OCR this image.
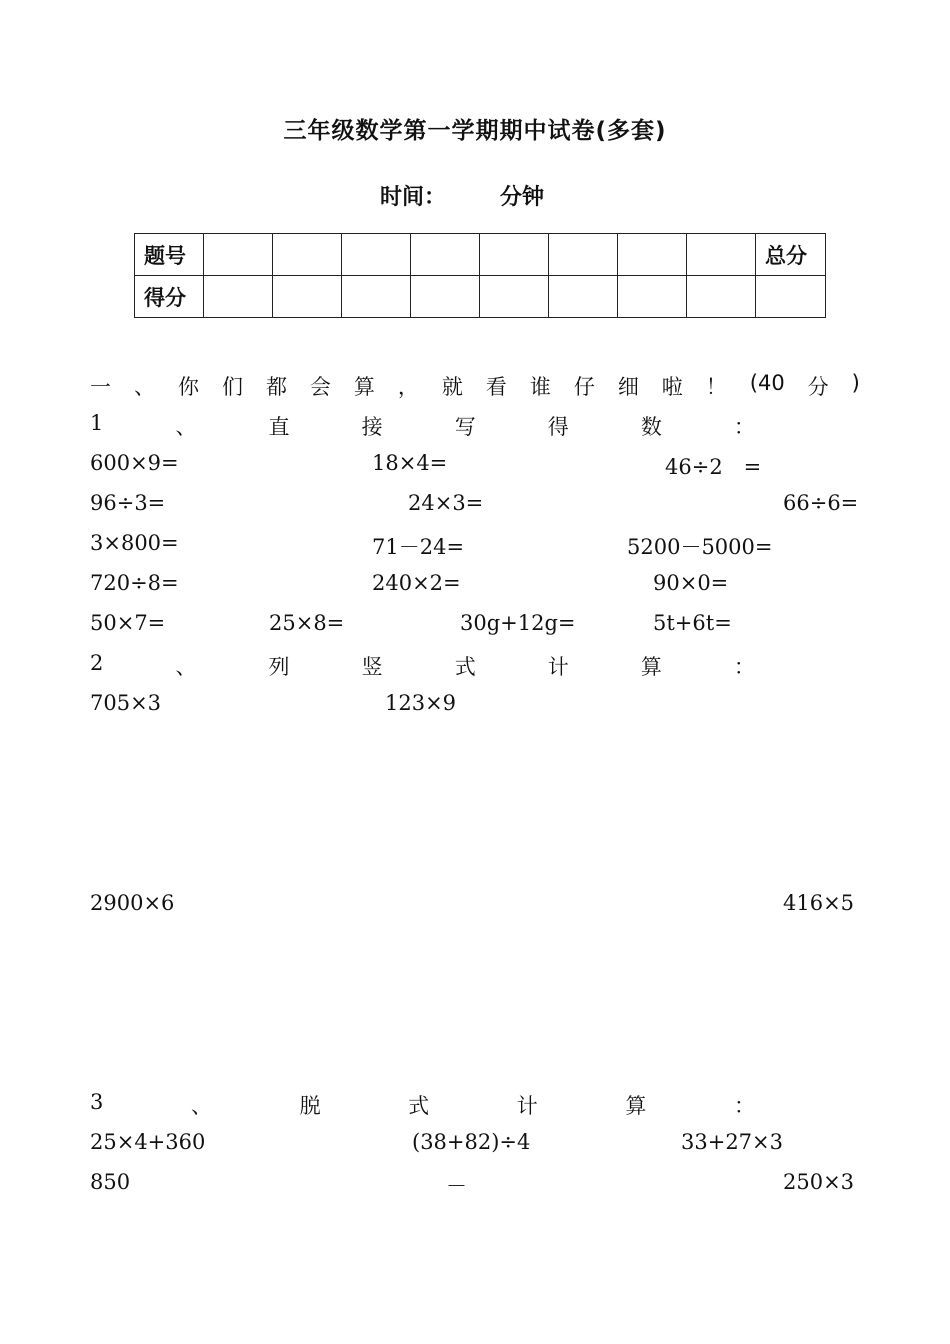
三年级数学第一学期期中试卷(多套)
时间： 分钟
题号									总分
得分									
一 、 你 们 都 会 算 ， 就 看 谁 仔 细 啦 ！ (40 分 )
1	、	直	接	写	得	数	：
600×9=	18×4=	46÷2　=
96÷3=	24×3=	66÷6=
3×800=	71－24=	5200－5000=
720÷8=	240×2=	90×0=
50×7=	25×8=	30g+12g=	5t+6t=
2	、	列	竖	式	计	算	：
705×3	123×9
2900×6	416×5
3	、	脱	式	计	算	：
25×4+360	(38+82)÷4	33+27×3
850	－	250×3
